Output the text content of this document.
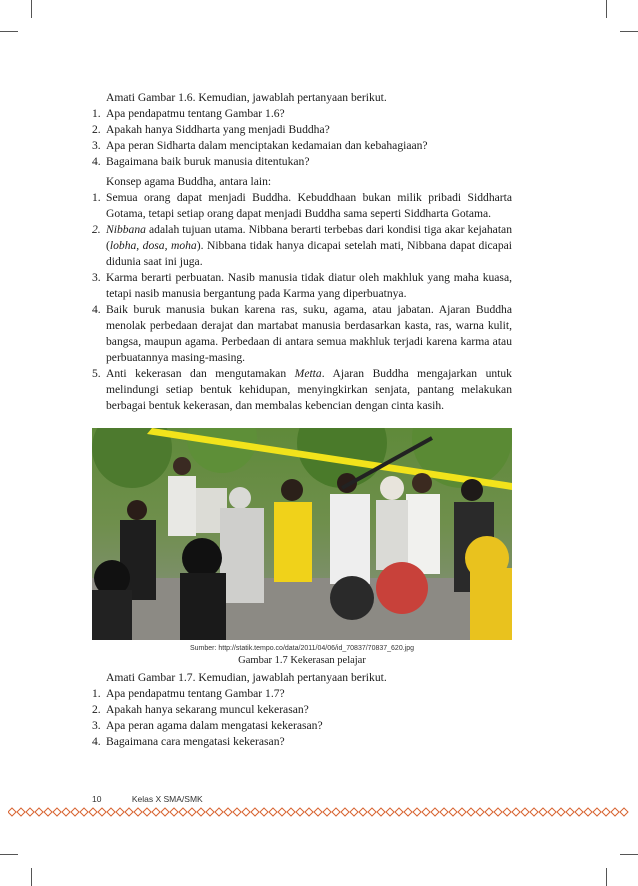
Amati Gambar 1.6. Kemudian, jawablah pertanyaan berikut.

1. Apa pendapatmu tentang Gambar 1.6?
2. Apakah hanya Siddharta yang menjadi Buddha?
3. Apa peran Sidharta dalam menciptakan kedamaian dan kebahagiaan?
4. Bagaimana baik buruk manusia ditentukan?

Konsep agama Buddha, antara lain:

1. Semua orang dapat menjadi Buddha. Kebuddhaan bukan milik pribadi Siddharta Gotama, tetapi setiap orang dapat menjadi Buddha sama seperti Siddharta Gotama.
2. Nibbana adalah tujuan utama. Nibbana berarti terbebas dari kondisi tiga akar kejahatan (lobha, dosa, moha). Nibbana tidak hanya dicapai setelah mati, Nibbana dapat dicapai didunia saat ini juga.
3. Karma berarti perbuatan. Nasib manusia tidak diatur oleh makhluk yang maha kuasa, tetapi nasib manusia bergantung pada Karma yang diperbuatnya.
4. Baik buruk manusia bukan karena ras, suku, agama, atau jabatan. Ajaran Buddha menolak perbedaan derajat dan martabat manusia berdasarkan kasta, ras, warna kulit, bangsa, maupun agama. Perbedaan di antara semua makhluk terjadi karena karma atau perbuatannya masing-masing.
5. Anti kekerasan dan mengutamakan Metta. Ajaran Buddha mengajarkan untuk melindungi setiap bentuk kehidupan, menyingkirkan senjata, pantang melakukan berbagai bentuk kekerasan, dan membalas kebencian dengan cinta kasih.
Sumber: http://statik.tempo.co/data/2011/04/06/id_70837/70837_620.jpg
Gambar 1.7 Kekerasan pelajar

Amati Gambar 1.7. Kemudian, jawablah pertanyaan berikut.

1. Apa pendapatmu tentang Gambar 1.7?
2. Apakah hanya sekarang muncul kekerasan?
3. Apa peran agama dalam mengatasi kekerasan?
4. Bagaimana cara mengatasi kekerasan?
10	Kelas X SMA/SMK
